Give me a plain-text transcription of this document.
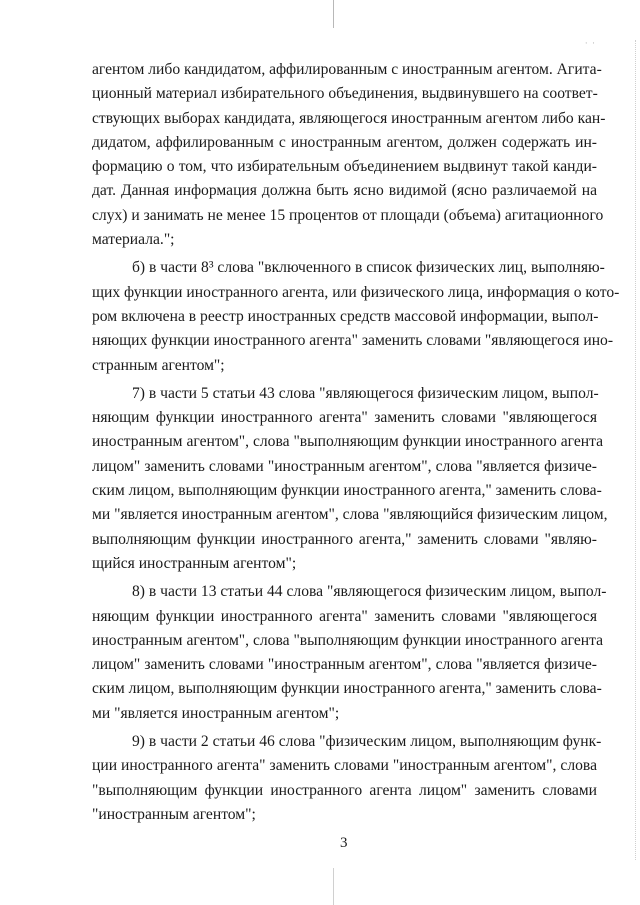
· ·
агентом либо кандидатом, аффилированным с иностранным агентом. Агита-
ционный материал избирательного объединения, выдвинувшего на соответ-
ствующих выборах кандидата, являющегося иностранным агентом либо кан-
дидатом, аффилированным с иностранным агентом, должен содержать ин-
формацию о том, что избирательным объединением выдвинут такой канди-
дат. Данная информация должна быть ясно видимой (ясно различаемой на
слух) и занимать не менее 15 процентов от площади (объема) агитационного
материала.";
б) в части 8³ слова "включенного в список физических лиц, выполняю-
щих функции иностранного агента, или физического лица, информация о кото-
ром включена в реестр иностранных средств массовой информации, выпол-
няющих функции иностранного агента" заменить словами "являющегося ино-
странным агентом";
7) в части 5 статьи 43 слова "являющегося физическим лицом, выпол-
няющим функции иностранного агента" заменить словами "являющегося
иностранным агентом", слова "выполняющим функции иностранного агента
лицом" заменить словами "иностранным агентом", слова "является физиче-
ским лицом, выполняющим функции иностранного агента," заменить слова-
ми "является иностранным агентом", слова "являющийся физическим лицом,
выполняющим функции иностранного агента," заменить словами "являю-
щийся иностранным агентом";
8) в части 13 статьи 44 слова "являющегося физическим лицом, выпол-
няющим функции иностранного агента" заменить словами "являющегося
иностранным агентом", слова "выполняющим функции иностранного агента
лицом" заменить словами "иностранным агентом", слова "является физиче-
ским лицом, выполняющим функции иностранного агента," заменить слова-
ми "является иностранным агентом";
9) в части 2 статьи 46 слова "физическим лицом, выполняющим функ-
ции иностранного агента" заменить словами "иностранным агентом", слова
"выполняющим функции иностранного агента лицом" заменить словами
"иностранным агентом";
3
